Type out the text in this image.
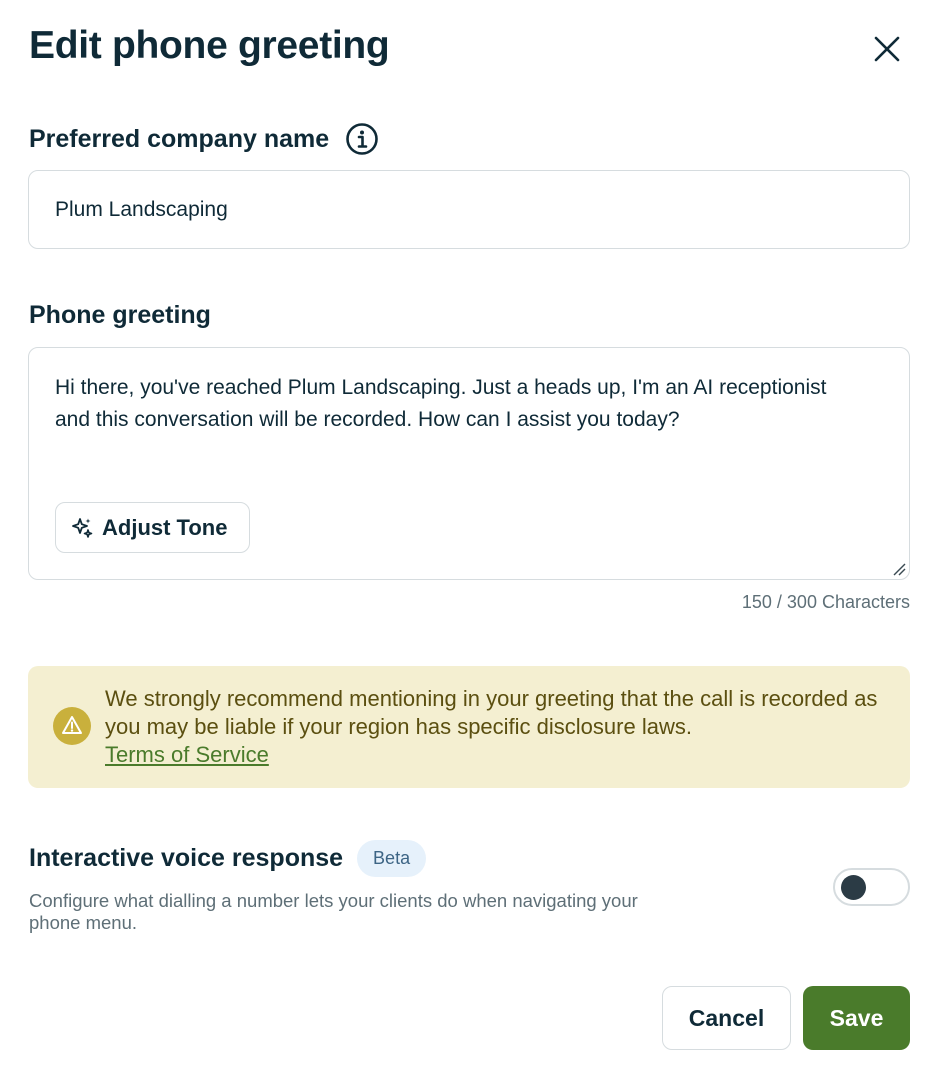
Edit phone greeting
Preferred company name
Plum Landscaping
Phone greeting
Hi there, you've reached Plum Landscaping. Just a heads up, I'm an AI receptionist and this conversation will be recorded. How can I assist you today?
Adjust Tone
150 / 300 Characters
We strongly recommend mentioning in your greeting that the call is recorded as you may be liable if your region has specific disclosure laws.
Terms of Service
Interactive voice response	Beta
Configure what dialling a number lets your clients do when navigating your phone menu.
Cancel	Save
